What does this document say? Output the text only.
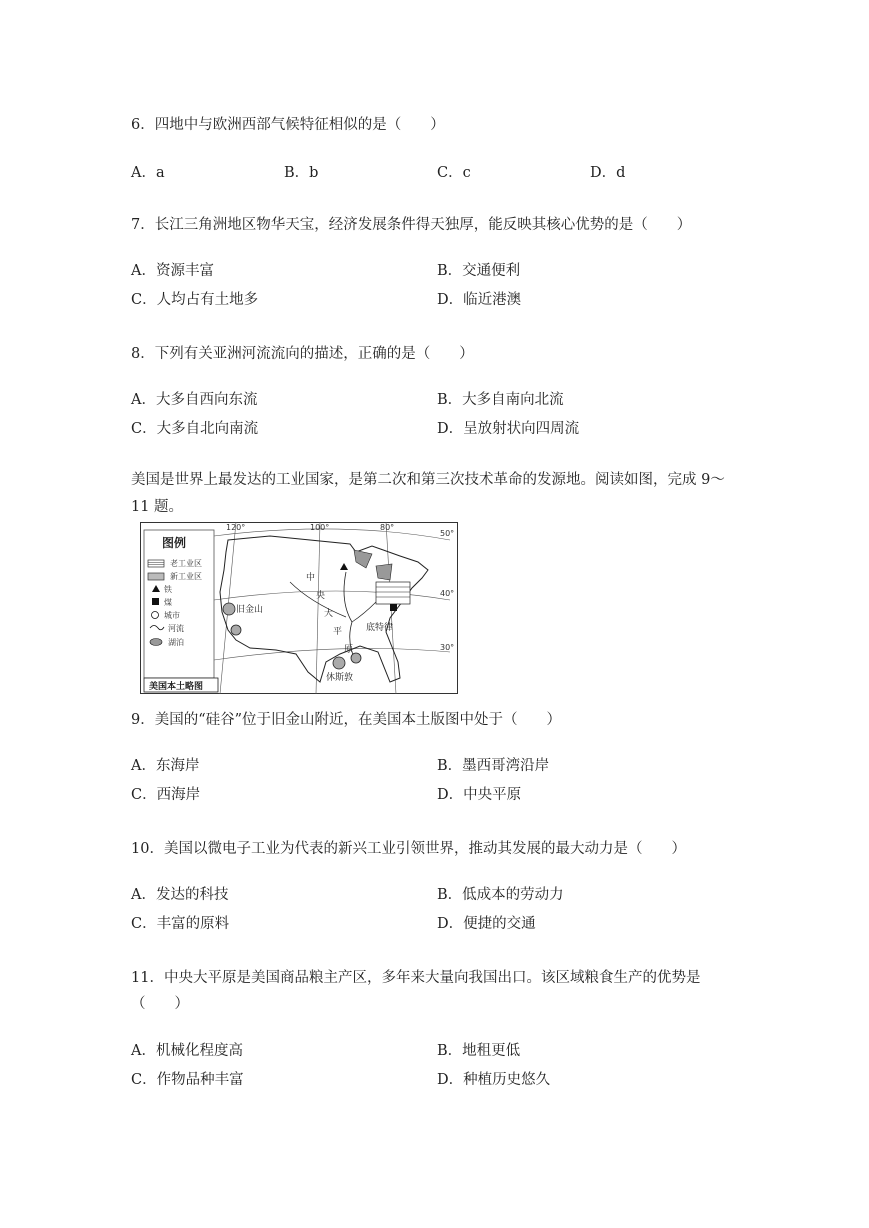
6．四地中与欧洲西部气候特征相似的是（　　）
A．a	B．b	C．c	D．d
7．长江三角洲地区物华天宝，经济发展条件得天独厚，能反映其核心优势的是（　　）
A．资源丰富	B．交通便利
C．人均占有土地多	D．临近港澳
8．下列有关亚洲河流流向的描述，正确的是（　　）
A．大多自西向东流	B．大多自南向北流
C．大多自北向南流	D．呈放射状向四周流
美国是世界上最发达的工业国家，是第二次和第三次技术革命的发源地。阅读如图，完成 9～
11 题。
图例
老工业区
新工业区
铁
煤
城市
河流
湖泊
120°	100°	80°
50°
40°
30°
旧金山
中
央
大
平
原
底特律
休斯敦
美国本土略图
9．美国的“硅谷”位于旧金山附近，在美国本土版图中处于（　　）
A．东海岸	B．墨西哥湾沿岸
C．西海岸	D．中央平原
10．美国以微电子工业为代表的新兴工业引领世界，推动其发展的最大动力是（　　）
A．发达的科技	B．低成本的劳动力
C．丰富的原料	D．便捷的交通
11．中央大平原是美国商品粮主产区，多年来大量向我国出口。该区域粮食生产的优势是
（　　）
A．机械化程度高	B．地租更低
C．作物品种丰富	D．种植历史悠久
